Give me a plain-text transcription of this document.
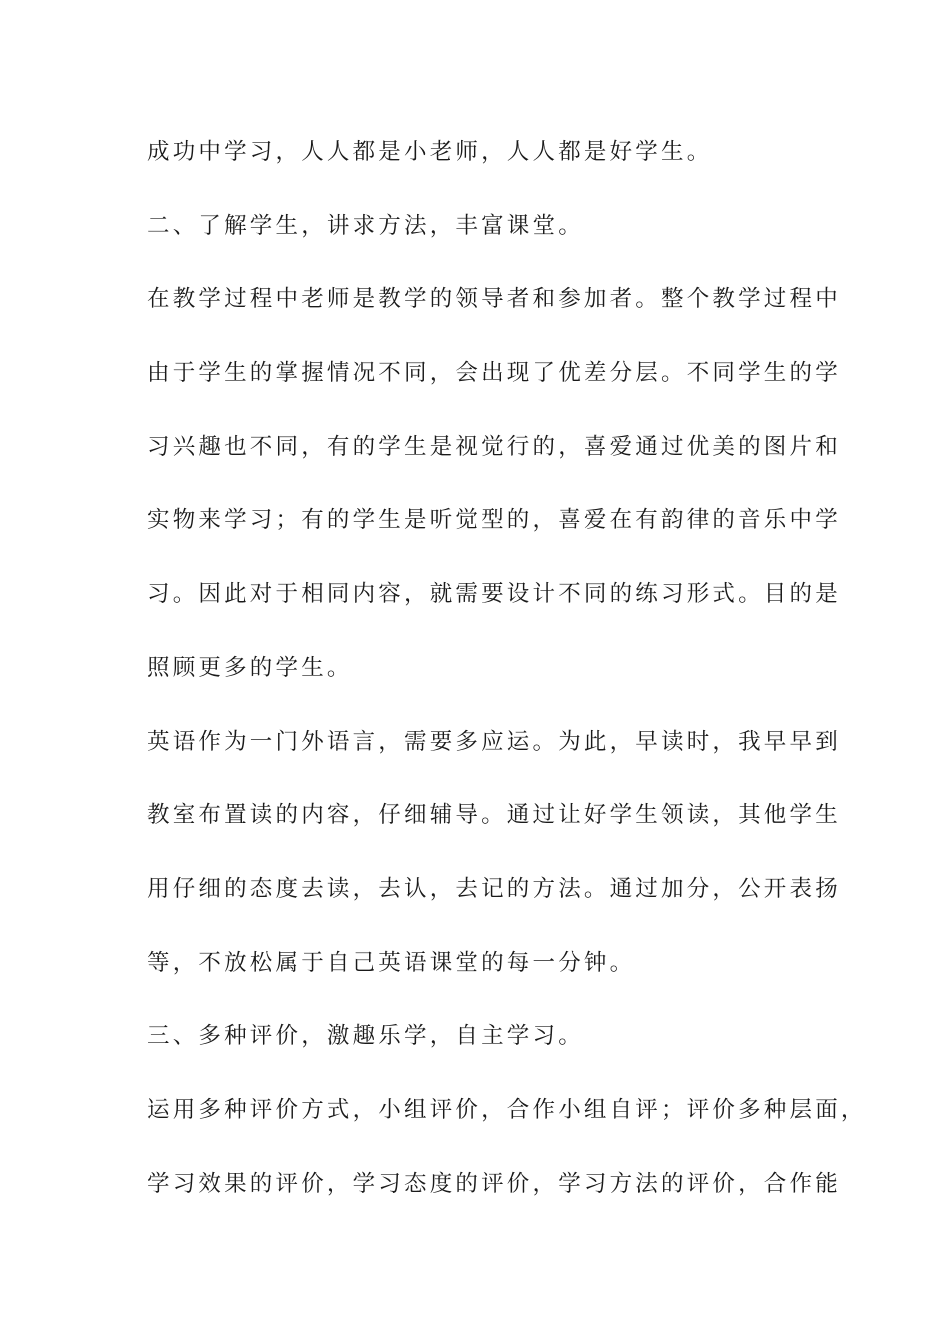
成功中学习，人人都是小老师，人人都是好学生。
二、了解学生，讲求方法，丰富课堂。
在教学过程中老师是教学的领导者和参加者。整个教学过程中
由于学生的掌握情况不同，会出现了优差分层。不同学生的学
习兴趣也不同，有的学生是视觉行的，喜爱通过优美的图片和
实物来学习；有的学生是听觉型的，喜爱在有韵律的音乐中学
习。因此对于相同内容，就需要设计不同的练习形式。目的是
照顾更多的学生。
英语作为一门外语言，需要多应运。为此，早读时，我早早到
教室布置读的内容，仔细辅导。通过让好学生领读，其他学生
用仔细的态度去读，去认，去记的方法。通过加分，公开表扬
等，不放松属于自己英语课堂的每一分钟。
三、多种评价，激趣乐学，自主学习。
运用多种评价方式，小组评价，合作小组自评；评价多种层面，
学习效果的评价，学习态度的评价，学习方法的评价，合作能
